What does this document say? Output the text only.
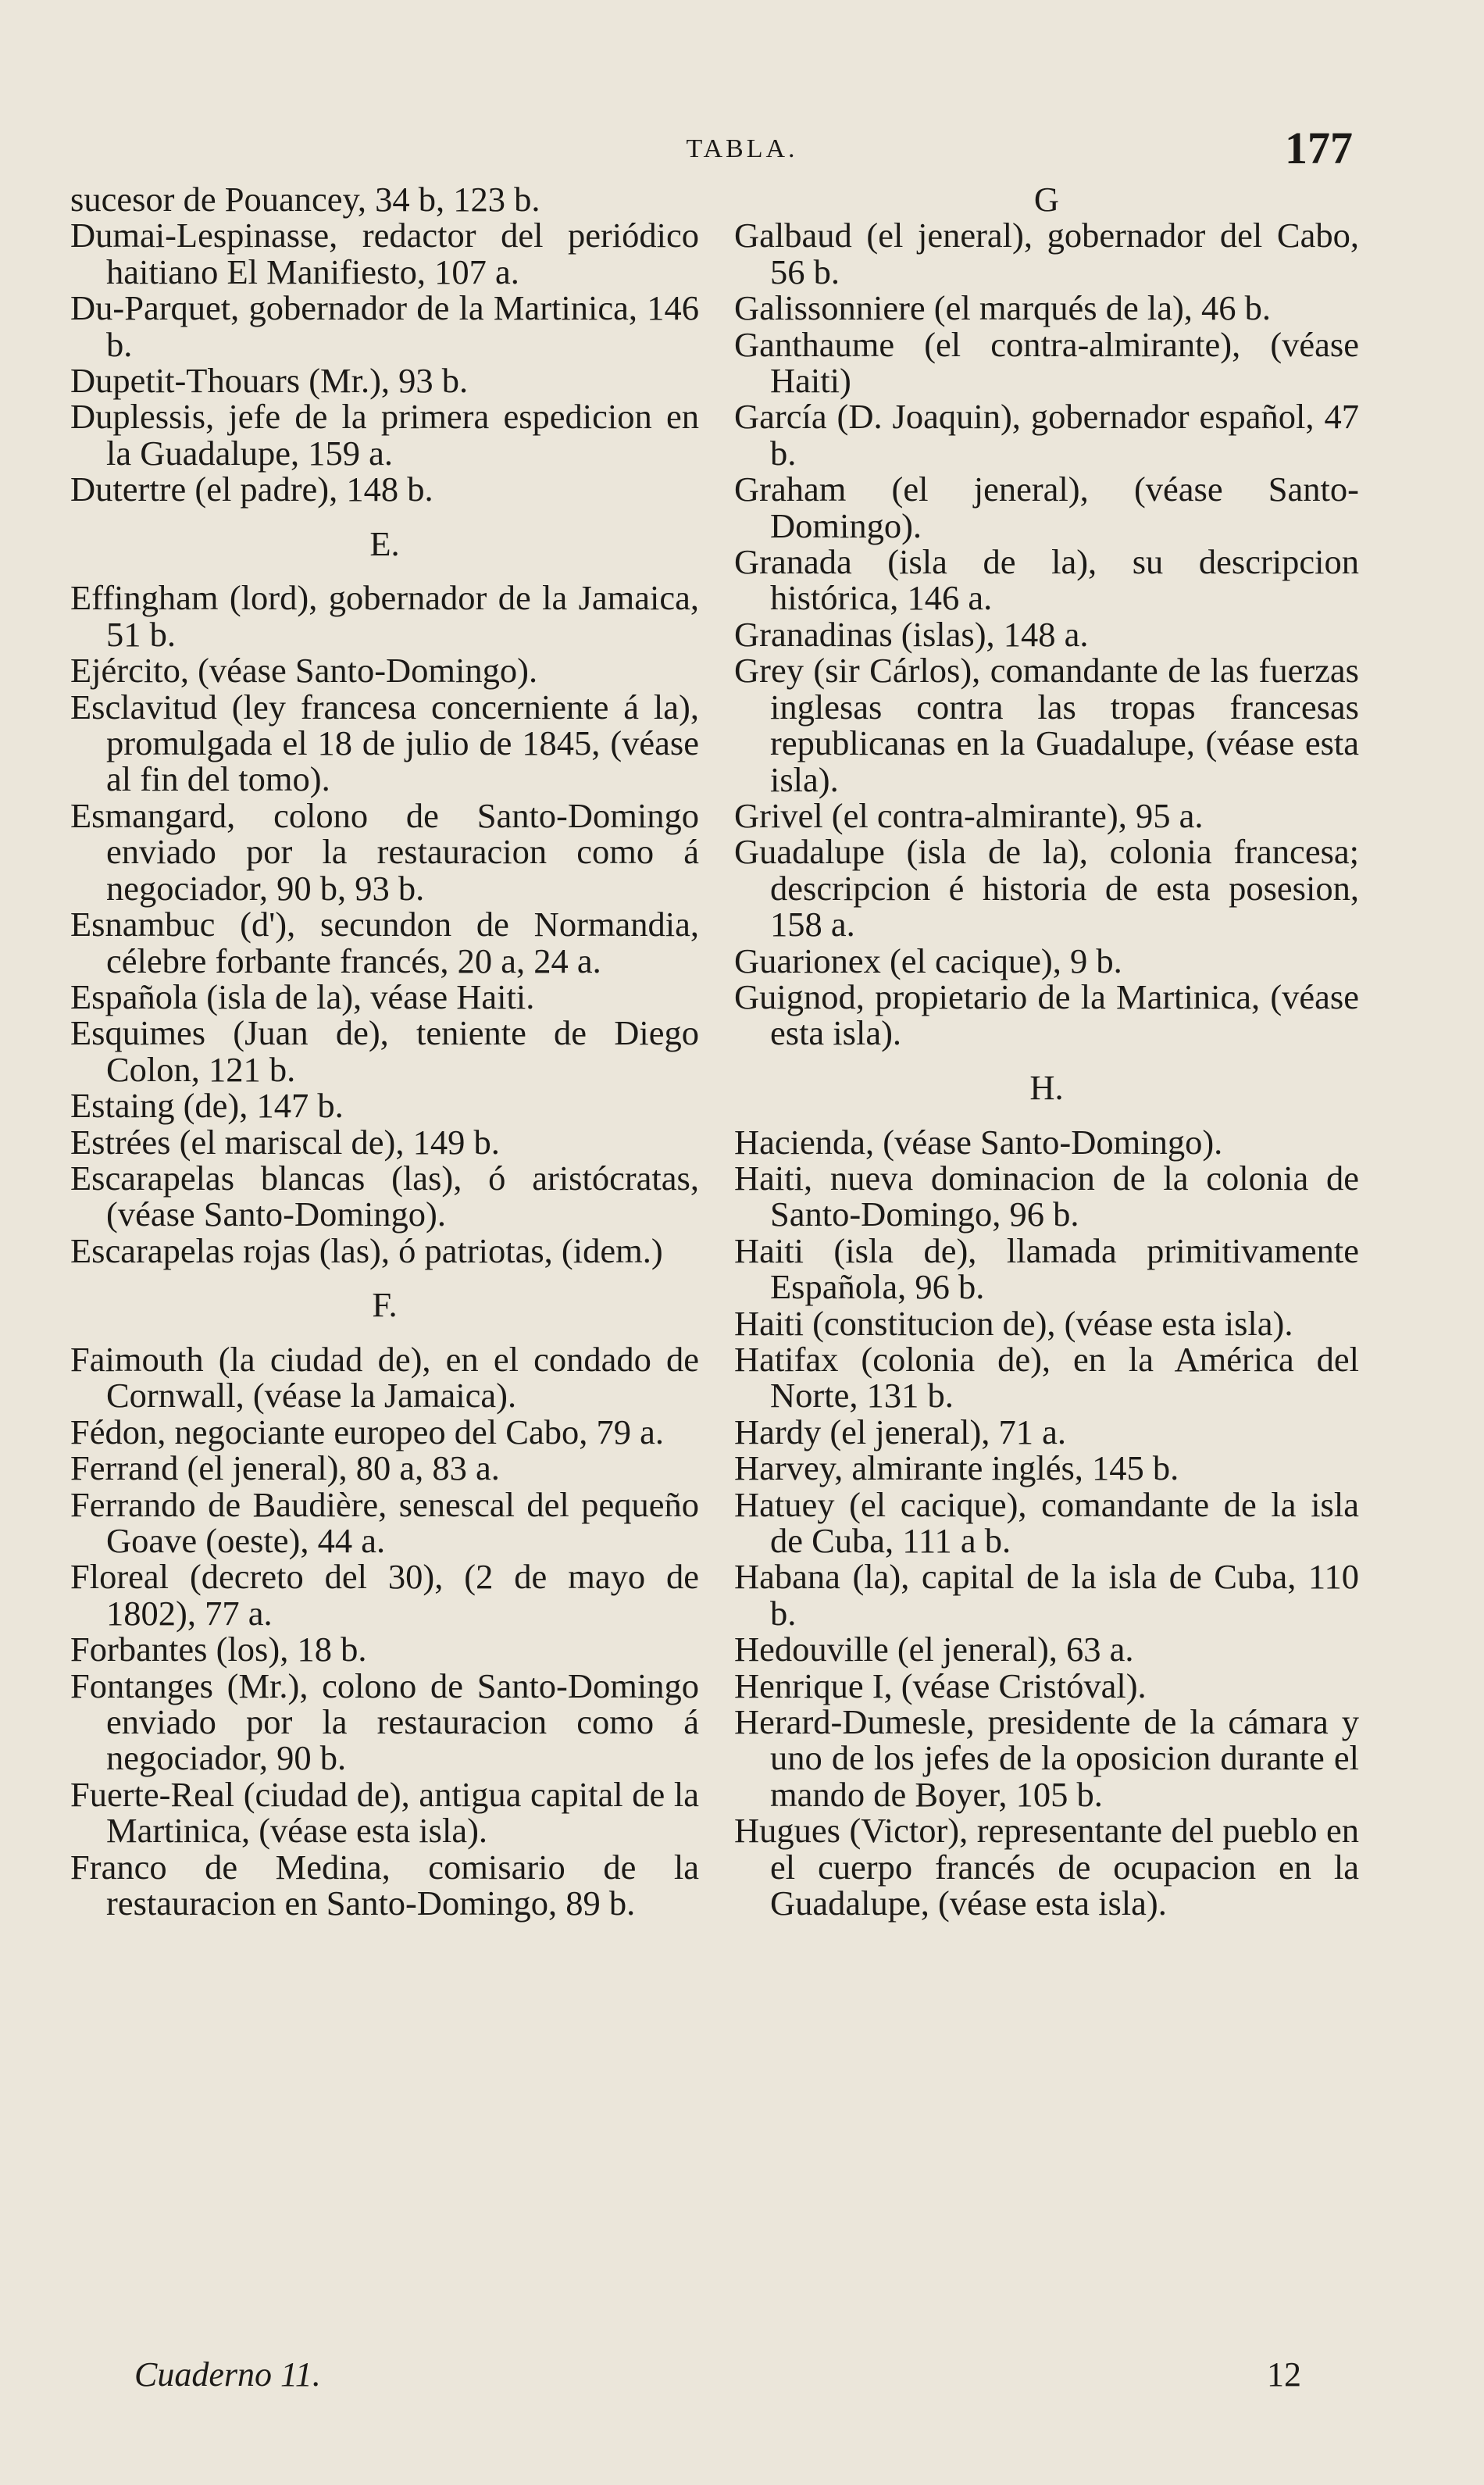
TABLA.	177

sucesor de Pouancey, 34 b, 123 b.

Dumai-Lespinasse, redactor del periódico haitiano El Manifiesto, 107 a.

Du-Parquet, gobernador de la Martinica, 146 b.

Dupetit-Thouars (Mr.), 93 b.

Duplessis, jefe de la primera espedicion en la Guadalupe, 159 a.

Dutertre (el padre), 148 b.

E.

Effingham (lord), gobernador de la Jamaica, 51 b.

Ejército, (véase Santo-Domingo).

Esclavitud (ley francesa concerniente á la), promulgada el 18 de julio de 1845, (véase al fin del tomo).

Esmangard, colono de Santo-Domingo enviado por la restauracion como á negociador, 90 b, 93 b.

Esnambuc (d'), secundon de Normandia, célebre forbante francés, 20 a, 24 a.

Española (isla de la), véase Haiti.

Esquimes (Juan de), teniente de Diego Colon, 121 b.

Estaing (de), 147 b.

Estrées (el mariscal de), 149 b.

Escarapelas blancas (las), ó aristócratas, (véase Santo-Domingo).

Escarapelas rojas (las), ó patriotas, (idem.)

F.

Faimouth (la ciudad de), en el condado de Cornwall, (véase la Jamaica).

Fédon, negociante europeo del Cabo, 79 a.

Ferrand (el jeneral), 80 a, 83 a.

Ferrando de Baudière, senescal del pequeño Goave (oeste), 44 a.

Floreal (decreto del 30), (2 de mayo de 1802), 77 a.

Forbantes (los), 18 b.

Fontanges (Mr.), colono de Santo-Domingo enviado por la restauracion como á negociador, 90 b.

Fuerte-Real (ciudad de), antigua capital de la Martinica, (véase esta isla).

Franco de Medina, comisario de la restauracion en Santo-Domingo, 89 b.

G

Galbaud (el jeneral), gobernador del Cabo, 56 b.

Galissonniere (el marqués de la), 46 b.

Ganthaume (el contra-almirante), (véase Haiti)

García (D. Joaquin), gobernador español, 47 b.

Graham (el jeneral), (véase Santo-Domingo).

Granada (isla de la), su descripcion histórica, 146 a.

Granadinas (islas), 148 a.

Grey (sir Cárlos), comandante de las fuerzas inglesas contra las tropas francesas republicanas en la Guadalupe, (véase esta isla).

Grivel (el contra-almirante), 95 a.

Guadalupe (isla de la), colonia francesa; descripcion é historia de esta posesion, 158 a.

Guarionex (el cacique), 9 b.

Guignod, propietario de la Martinica, (véase esta isla).

H.

Hacienda, (véase Santo-Domingo).

Haiti, nueva dominacion de la colonia de Santo-Domingo, 96 b.

Haiti (isla de), llamada primitivamente Española, 96 b.

Haiti (constitucion de), (véase esta isla).

Hatifax (colonia de), en la América del Norte, 131 b.

Hardy (el jeneral), 71 a.

Harvey, almirante inglés, 145 b.

Hatuey (el cacique), comandante de la isla de Cuba, 111 a b.

Habana (la), capital de la isla de Cuba, 110 b.

Hedouville (el jeneral), 63 a.

Henrique I, (véase Cristóval).

Herard-Dumesle, presidente de la cámara y uno de los jefes de la oposicion durante el mando de Boyer, 105 b.

Hugues (Victor), representante del pueblo en el cuerpo francés de ocupacion en la Guadalupe, (véase esta isla).

Cuaderno 11.	12
